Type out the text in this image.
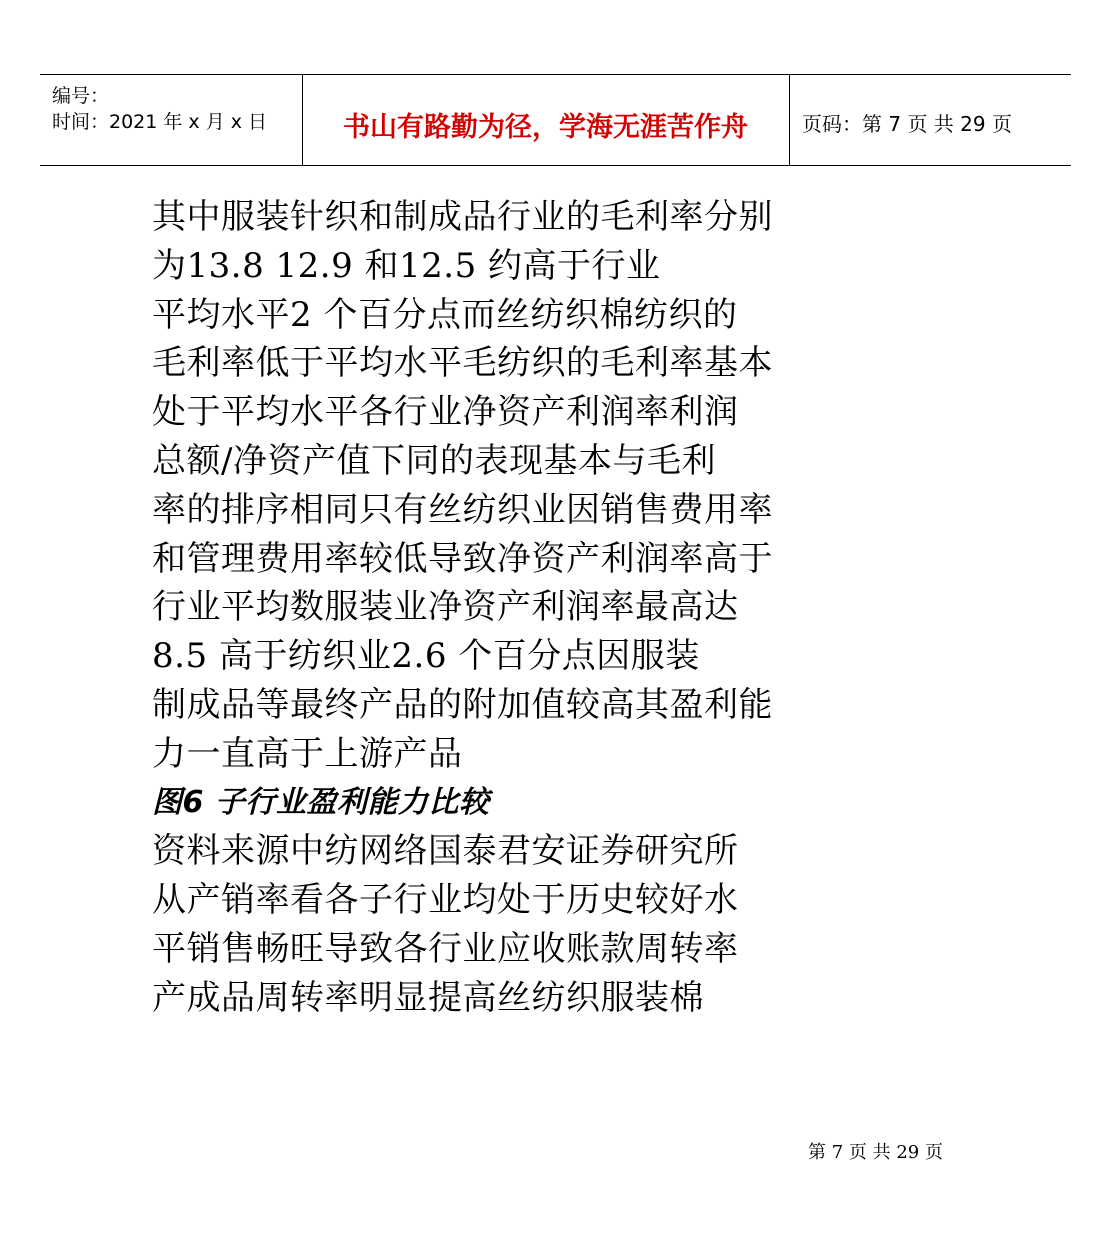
编号：
时间：2021 年 x 月 x 日	书山有路勤为径，学海无涯苦作舟	页码：第 7 页 共 29 页
其中服装针织和制成品行业的毛利率分别
为13.8 12.9 和12.5 约高于行业
平均水平2 个百分点而丝纺织棉纺织的
毛利率低于平均水平毛纺织的毛利率基本
处于平均水平各行业净资产利润率利润
总额/净资产值下同的表现基本与毛利
率的排序相同只有丝纺织业因销售费用率
和管理费用率较低导致净资产利润率高于
行业平均数服装业净资产利润率最高达
8.5 高于纺织业2.6 个百分点因服装
制成品等最终产品的附加值较高其盈利能
力一直高于上游产品
图6 子行业盈利能力比较
资料来源中纺网络国泰君安证券研究所
从产销率看各子行业均处于历史较好水
平销售畅旺导致各行业应收账款周转率
产成品周转率明显提高丝纺织服装棉
第 7 页 共 29 页
